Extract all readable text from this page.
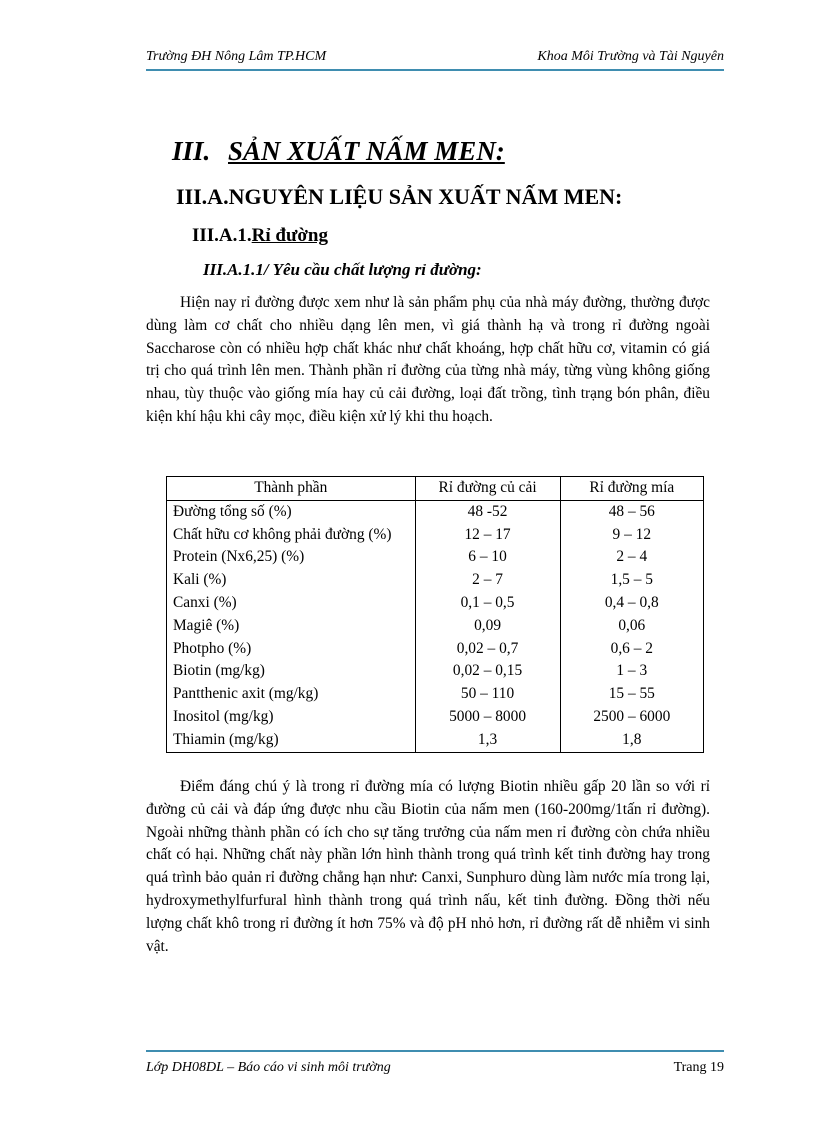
Trường ĐH Nông Lâm TP.HCM	Khoa Môi Trường và Tài Nguyên
III. SẢN XUẤT NẤM MEN:
III.A.NGUYÊN LIỆU SẢN XUẤT NẤM MEN:
III.A.1.Rỉ đường
III.A.1.1/ Yêu cầu chất lượng rỉ đường:

Hiện nay rỉ đường được xem như là sản phẩm phụ của nhà máy đường, thường được dùng làm cơ chất cho nhiều dạng lên men, vì giá thành hạ và trong rỉ đường ngoài Saccharose còn có nhiều hợp chất khác như chất khoáng, hợp chất hữu cơ, vitamin có giá trị cho quá trình lên men. Thành phần rỉ đường của từng nhà máy, từng vùng không giống nhau, tùy thuộc vào giống mía hay củ cải đường, loại đất trồng, tình trạng bón phân, điều kiện khí hậu khi cây mọc, điều kiện xử lý khi thu hoạch.

Thành phần	Rỉ đường củ cải	Rỉ đường mía
Đường tổng số (%)	48 -52	48 – 56
Chất hữu cơ không phải đường (%)	12 – 17	9 – 12
Protein (Nx6,25) (%)	6 – 10	2 – 4
Kali (%)	2 – 7	1,5 – 5
Canxi (%)	0,1 – 0,5	0,4 – 0,8
Magiê (%)	0,09	0,06
Photpho (%)	0,02 – 0,7	0,6 – 2
Biotin (mg/kg)	0,02 – 0,15	1 – 3
Pantthenic axit (mg/kg)	50 – 110	15 – 55
Inositol (mg/kg)	5000 – 8000	2500 – 6000
Thiamin (mg/kg)	1,3	1,8

Điểm đáng chú ý là trong rỉ đường mía có lượng Biotin nhiều gấp 20 lần so với rỉ đường củ cải và đáp ứng được nhu cầu Biotin của nấm men (160-200mg/1tấn rỉ đường). Ngoài những thành phần có ích cho sự tăng trưởng của nấm men rỉ đường còn chứa nhiều chất có hại. Những chất này phần lớn hình thành trong quá trình kết tinh đường hay trong quá trình bảo quản rỉ đường chẳng hạn như: Canxi, Sunphuro dùng làm nước mía trong lại, hydroxymethylfurfural hình thành trong quá trình nấu, kết tinh đường. Đồng thời nếu lượng chất khô trong rỉ đường ít hơn 75% và độ pH nhỏ hơn, rỉ đường rất dễ nhiễm vi sinh vật.

Lớp DH08DL – Báo cáo vi sinh môi trường	Trang 19
